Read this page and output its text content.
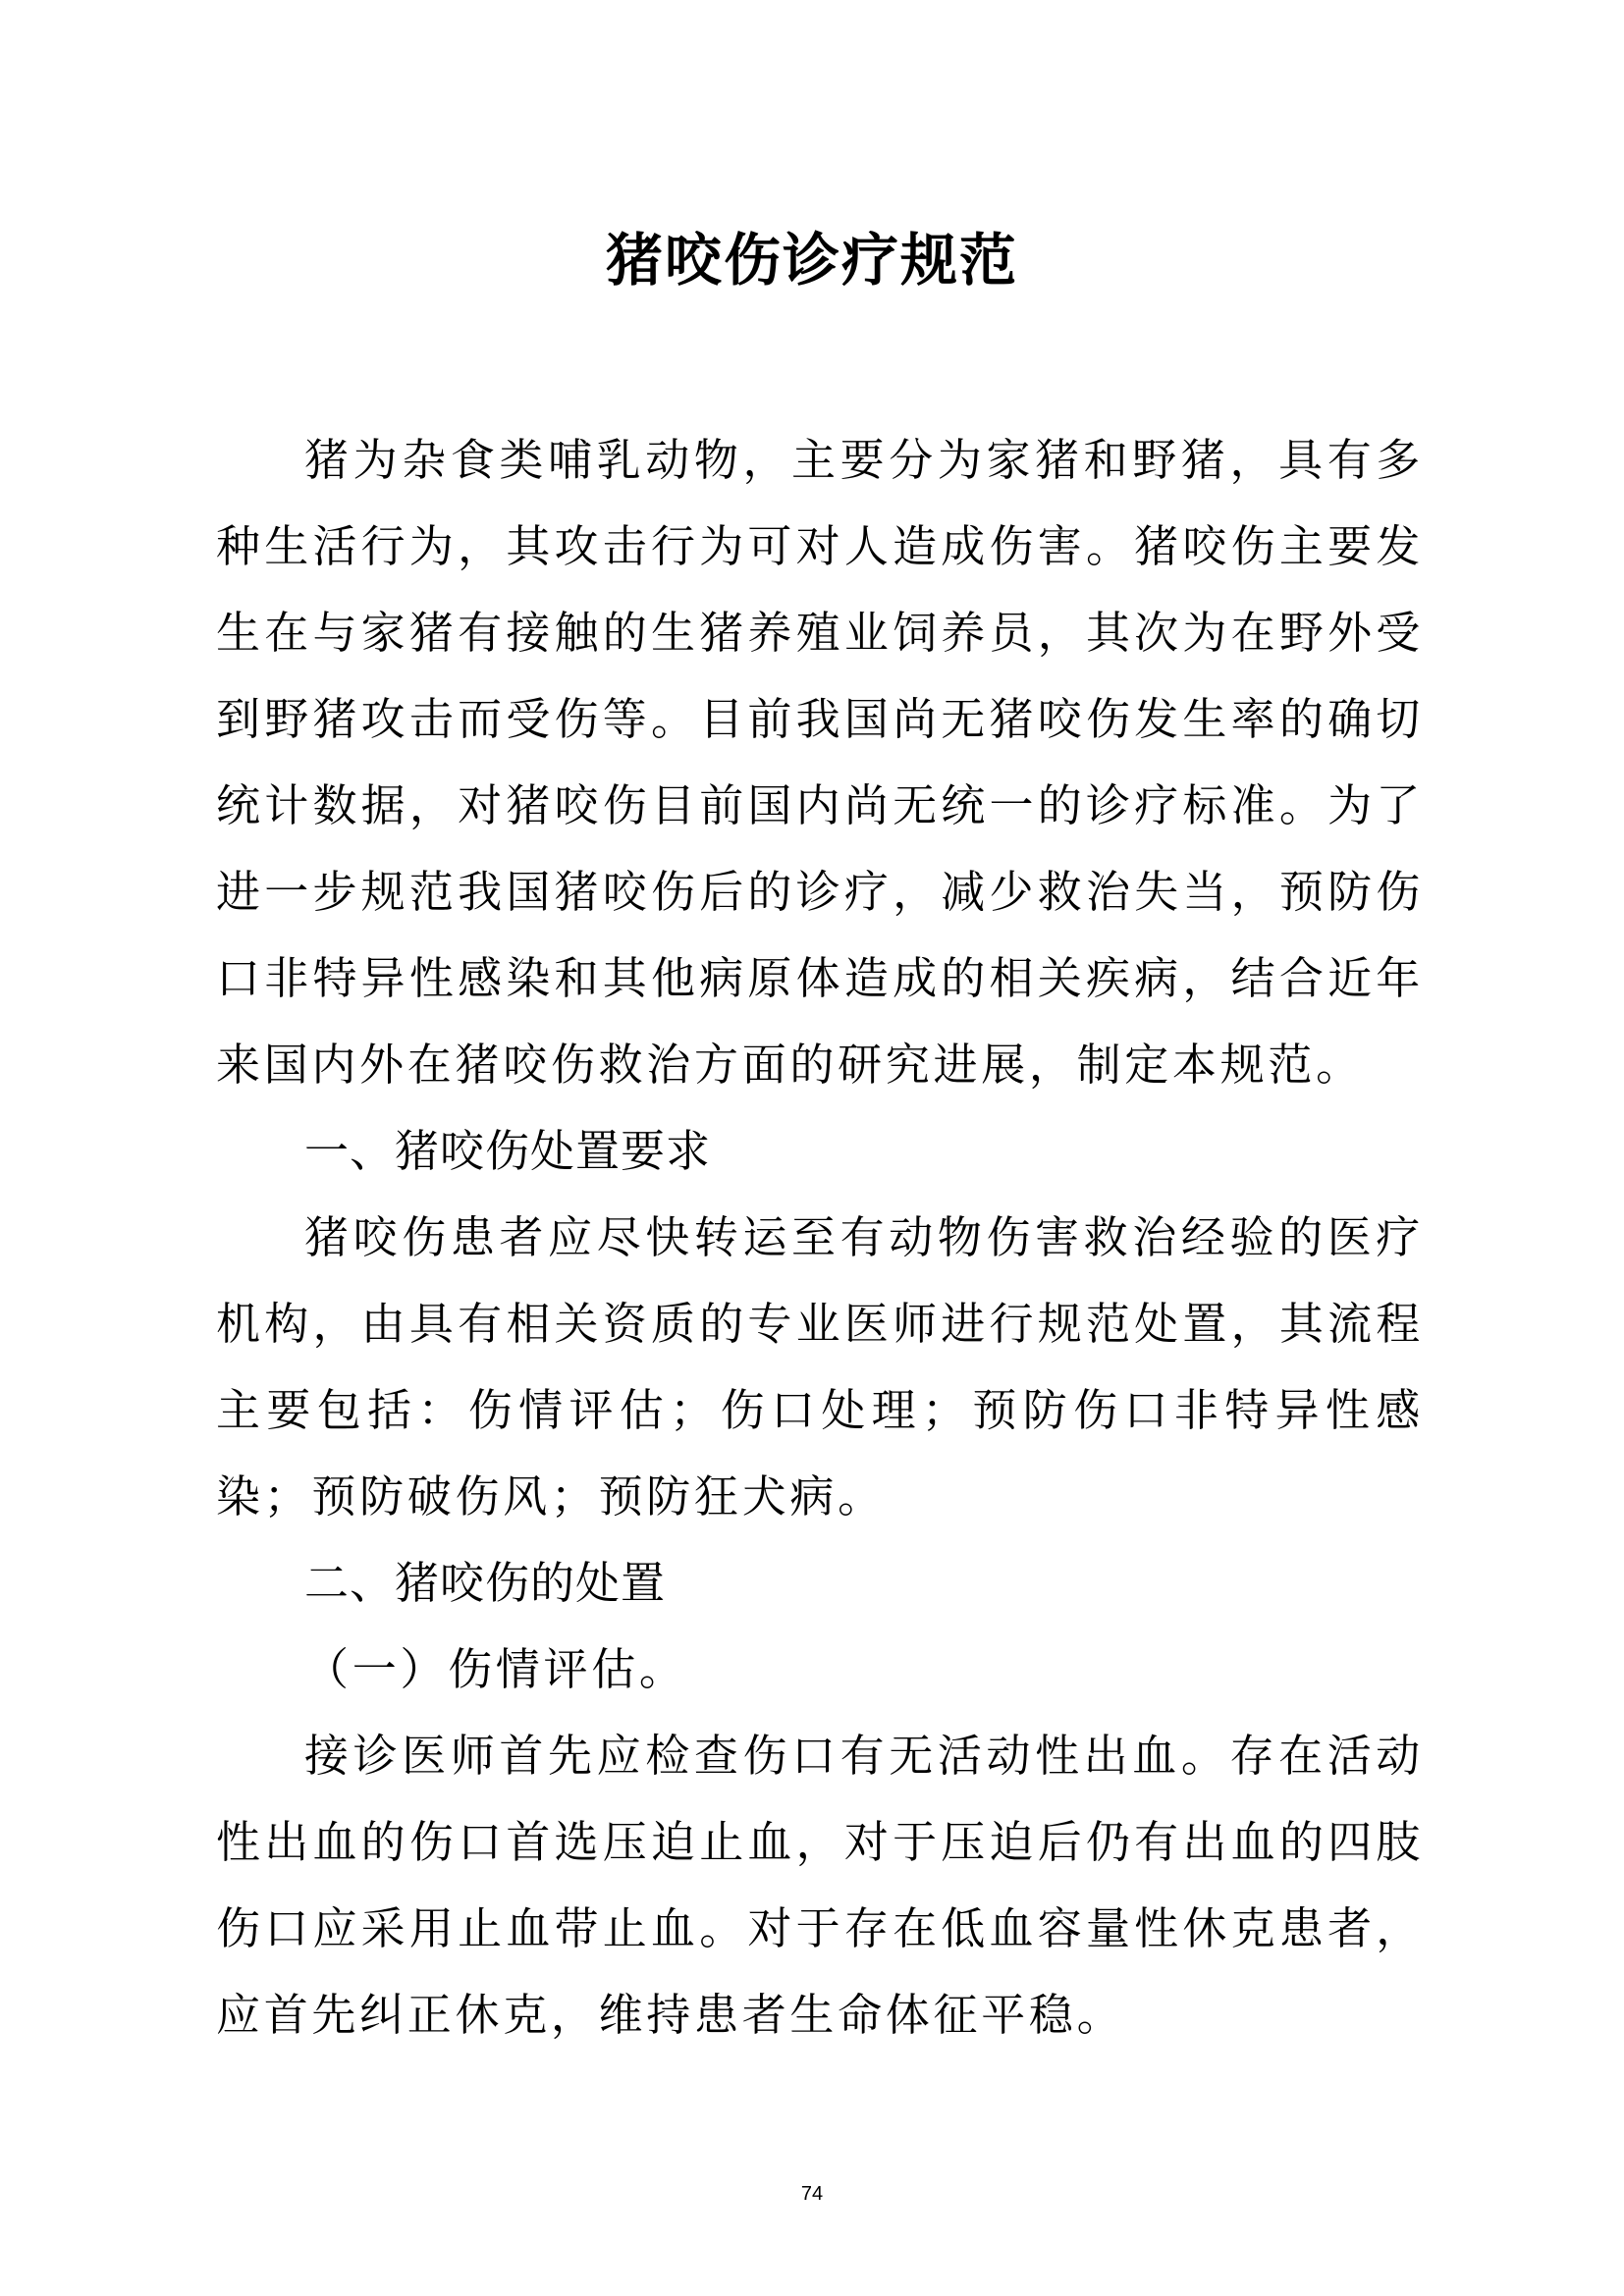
猪咬伤诊疗规范

猪为杂食类哺乳动物，主要分为家猪和野猪，具有多种生活行为，其攻击行为可对人造成伤害。猪咬伤主要发生在与家猪有接触的生猪养殖业饲养员，其次为在野外受到野猪攻击而受伤等。目前我国尚无猪咬伤发生率的确切统计数据，对猪咬伤目前国内尚无统一的诊疗标准。为了进一步规范我国猪咬伤后的诊疗，减少救治失当，预防伤口非特异性感染和其他病原体造成的相关疾病，结合近年来国内外在猪咬伤救治方面的研究进展，制定本规范。

一、猪咬伤处置要求

猪咬伤患者应尽快转运至有动物伤害救治经验的医疗机构，由具有相关资质的专业医师进行规范处置，其流程主要包括：伤情评估；伤口处理；预防伤口非特异性感染；预防破伤风；预防狂犬病。

二、猪咬伤的处置

（一）伤情评估。

接诊医师首先应检查伤口有无活动性出血。存在活动性出血的伤口首选压迫止血，对于压迫后仍有出血的四肢伤口应采用止血带止血。对于存在低血容量性休克患者，应首先纠正休克，维持患者生命体征平稳。

74
